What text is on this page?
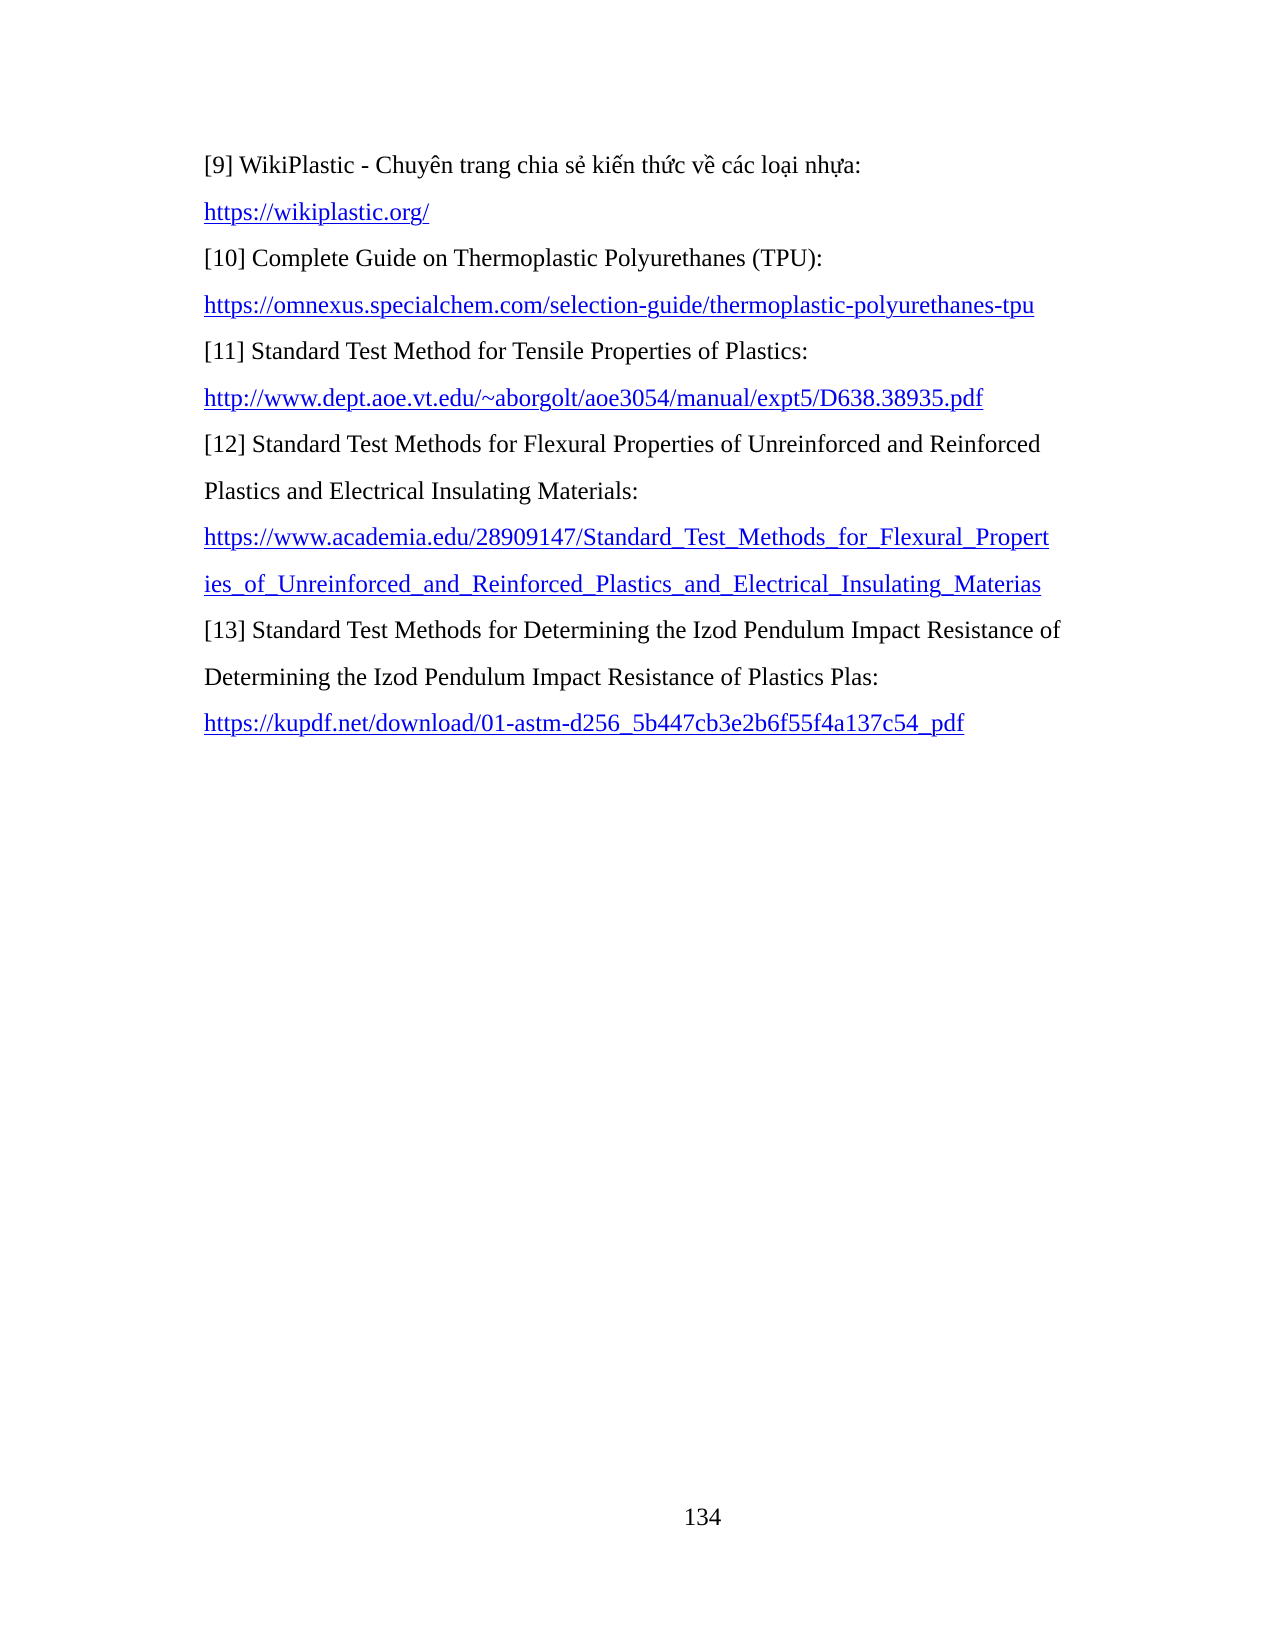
[9] WikiPlastic - Chuyên trang chia sẻ kiến thức về các loại nhựa:
https://wikiplastic.org/
[10] Complete Guide on Thermoplastic Polyurethanes (TPU):
https://omnexus.specialchem.com/selection-guide/thermoplastic-polyurethanes-tpu
[11] Standard Test Method for Tensile Properties of Plastics:
http://www.dept.aoe.vt.edu/~aborgolt/aoe3054/manual/expt5/D638.38935.pdf
[12] Standard Test Methods for Flexural Properties of Unreinforced and Reinforced
Plastics and Electrical Insulating Materials:
https://www.academia.edu/28909147/Standard_Test_Methods_for_Flexural_Propert
ies_of_Unreinforced_and_Reinforced_Plastics_and_Electrical_Insulating_Materias
[13] Standard Test Methods for Determining the Izod Pendulum Impact Resistance of
Determining the Izod Pendulum Impact Resistance of Plastics Plas:
https://kupdf.net/download/01-astm-d256_5b447cb3e2b6f55f4a137c54_pdf
134
